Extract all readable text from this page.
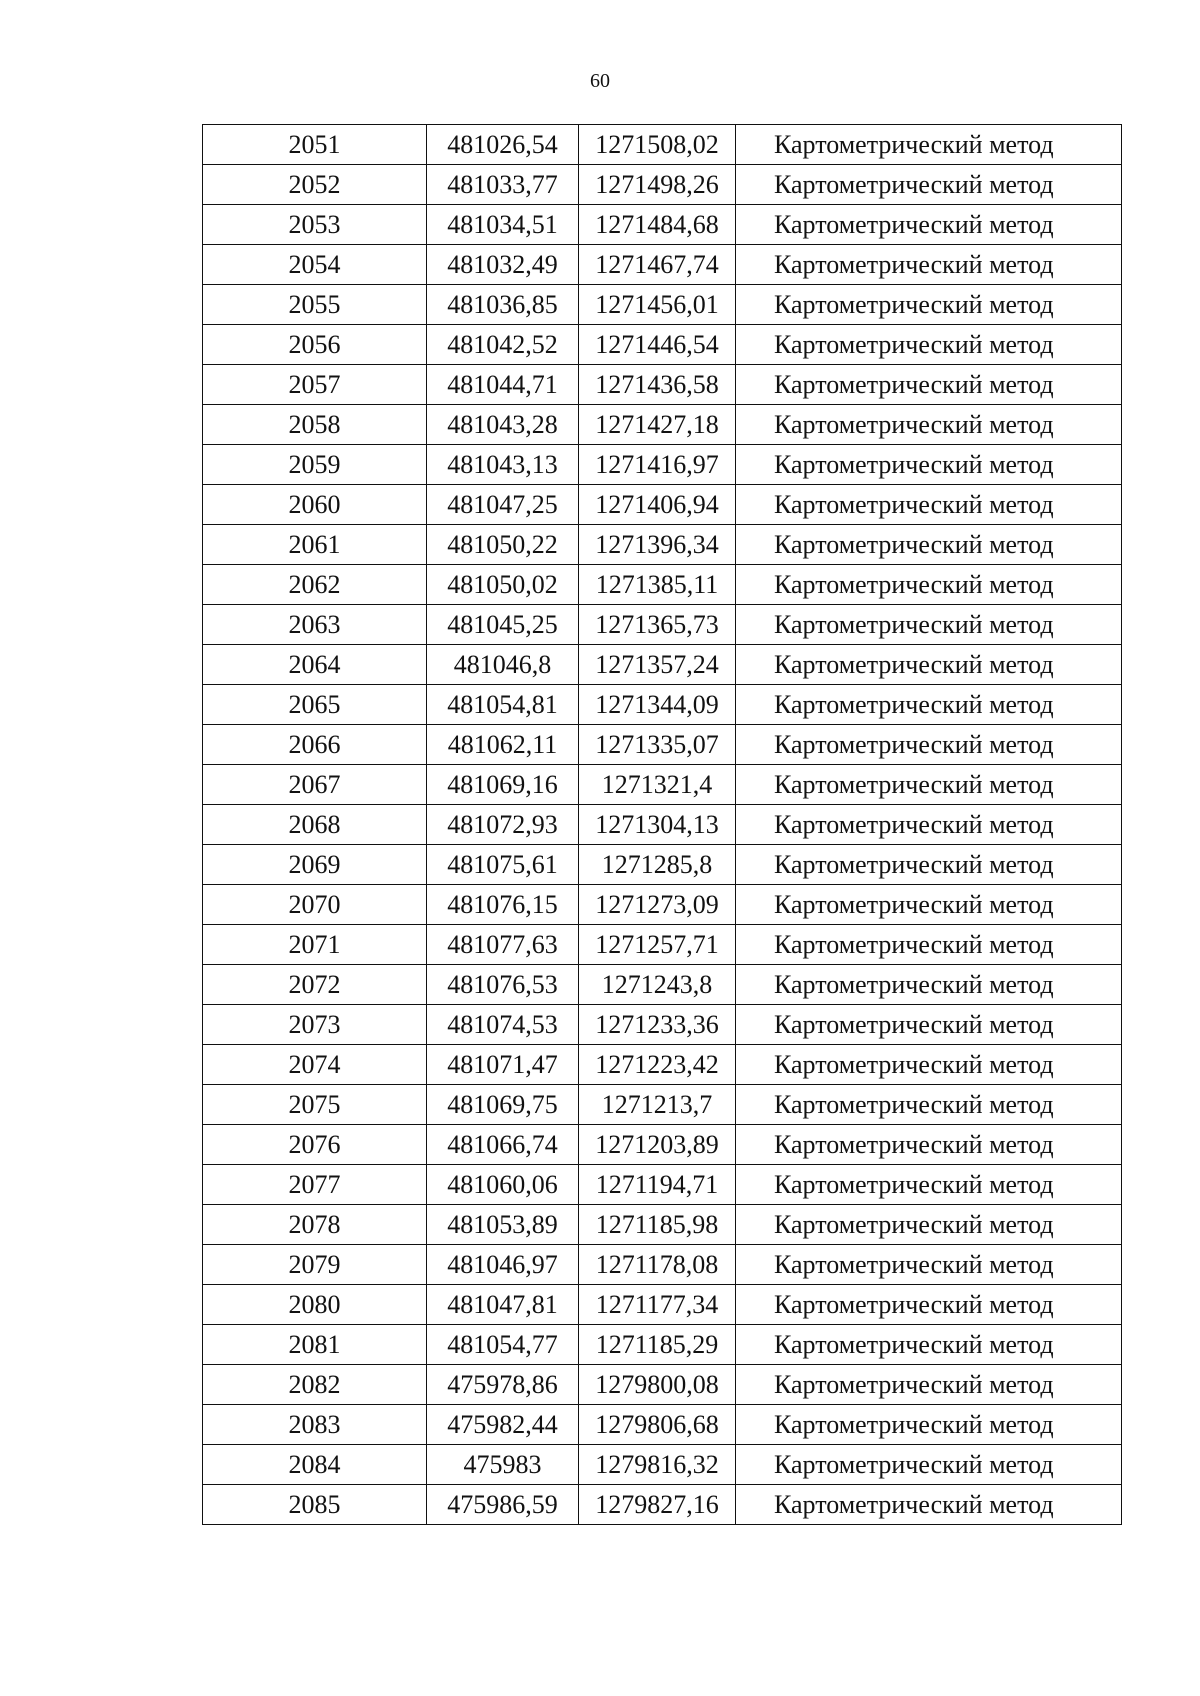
60
2051	481026,54	1271508,02	Картометрический метод
2052	481033,77	1271498,26	Картометрический метод
2053	481034,51	1271484,68	Картометрический метод
2054	481032,49	1271467,74	Картометрический метод
2055	481036,85	1271456,01	Картометрический метод
2056	481042,52	1271446,54	Картометрический метод
2057	481044,71	1271436,58	Картометрический метод
2058	481043,28	1271427,18	Картометрический метод
2059	481043,13	1271416,97	Картометрический метод
2060	481047,25	1271406,94	Картометрический метод
2061	481050,22	1271396,34	Картометрический метод
2062	481050,02	1271385,11	Картометрический метод
2063	481045,25	1271365,73	Картометрический метод
2064	481046,8	1271357,24	Картометрический метод
2065	481054,81	1271344,09	Картометрический метод
2066	481062,11	1271335,07	Картометрический метод
2067	481069,16	1271321,4	Картометрический метод
2068	481072,93	1271304,13	Картометрический метод
2069	481075,61	1271285,8	Картометрический метод
2070	481076,15	1271273,09	Картометрический метод
2071	481077,63	1271257,71	Картометрический метод
2072	481076,53	1271243,8	Картометрический метод
2073	481074,53	1271233,36	Картометрический метод
2074	481071,47	1271223,42	Картометрический метод
2075	481069,75	1271213,7	Картометрический метод
2076	481066,74	1271203,89	Картометрический метод
2077	481060,06	1271194,71	Картометрический метод
2078	481053,89	1271185,98	Картометрический метод
2079	481046,97	1271178,08	Картометрический метод
2080	481047,81	1271177,34	Картометрический метод
2081	481054,77	1271185,29	Картометрический метод
2082	475978,86	1279800,08	Картометрический метод
2083	475982,44	1279806,68	Картометрический метод
2084	475983	1279816,32	Картометрический метод
2085	475986,59	1279827,16	Картометрический метод
